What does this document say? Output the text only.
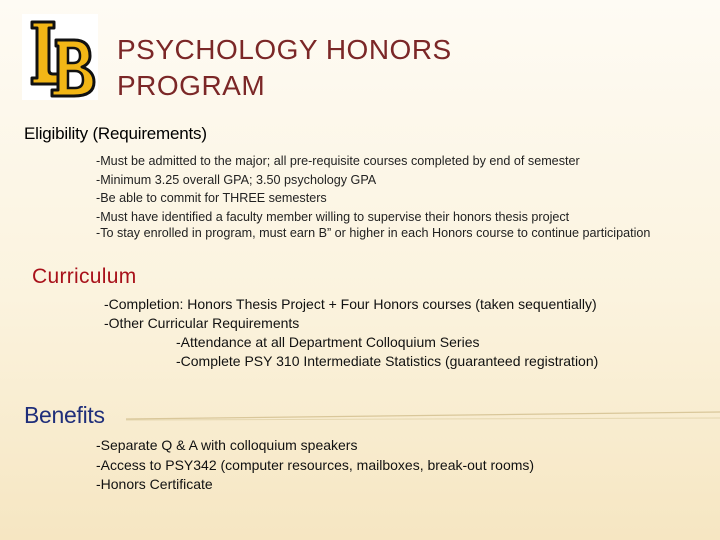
PSYCHOLOGY HONORS
PROGRAM
Eligibility (Requirements)
-Must be admitted to the major; all pre-requisite courses completed by end of semester
-Minimum 3.25 overall GPA; 3.50 psychology GPA
-Be able to commit for THREE semesters
-Must have identified a faculty member willing to supervise their honors thesis project
-To stay enrolled in program, must earn B” or higher in each Honors course to continue participation
Curriculum
-Completion: Honors Thesis Project + Four Honors courses (taken sequentially)
-Other Curricular Requirements
-Attendance at all Department Colloquium Series
-Complete PSY 310 Intermediate Statistics (guaranteed registration)
Benefits
-Separate Q & A with colloquium speakers
-Access to PSY342 (computer resources, mailboxes, break-out rooms)
-Honors Certificate
